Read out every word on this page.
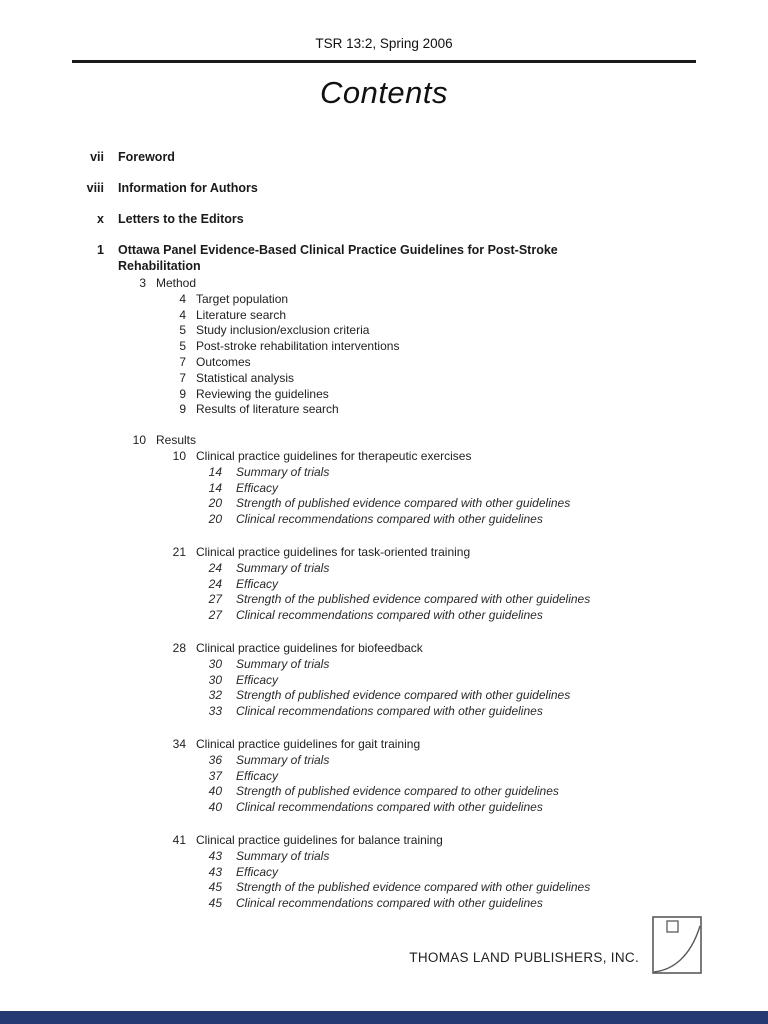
TSR 13:2, Spring 2006
Contents
vii Foreword
viii Information for Authors
x Letters to the Editors
1 Ottawa Panel Evidence-Based Clinical Practice Guidelines for Post-Stroke Rehabilitation
3 Method
4 Target population
4 Literature search
5 Study inclusion/exclusion criteria
5 Post-stroke rehabilitation interventions
7 Outcomes
7 Statistical analysis
9 Reviewing the guidelines
9 Results of literature search
10 Results
10 Clinical practice guidelines for therapeutic exercises
14 Summary of trials
14 Efficacy
20 Strength of published evidence compared with other guidelines
20 Clinical recommendations compared with other guidelines
21 Clinical practice guidelines for task-oriented training
24 Summary of trials
24 Efficacy
27 Strength of the published evidence compared with other guidelines
27 Clinical recommendations compared with other guidelines
28 Clinical practice guidelines for biofeedback
30 Summary of trials
30 Efficacy
32 Strength of published evidence compared with other guidelines
33 Clinical recommendations compared with other guidelines
34 Clinical practice guidelines for gait training
36 Summary of trials
37 Efficacy
40 Strength of published evidence compared to other guidelines
40 Clinical recommendations compared with other guidelines
41 Clinical practice guidelines for balance training
43 Summary of trials
43 Efficacy
45 Strength of the published evidence compared with other guidelines
45 Clinical recommendations compared with other guidelines
THOMAS LAND PUBLISHERS, INC.
